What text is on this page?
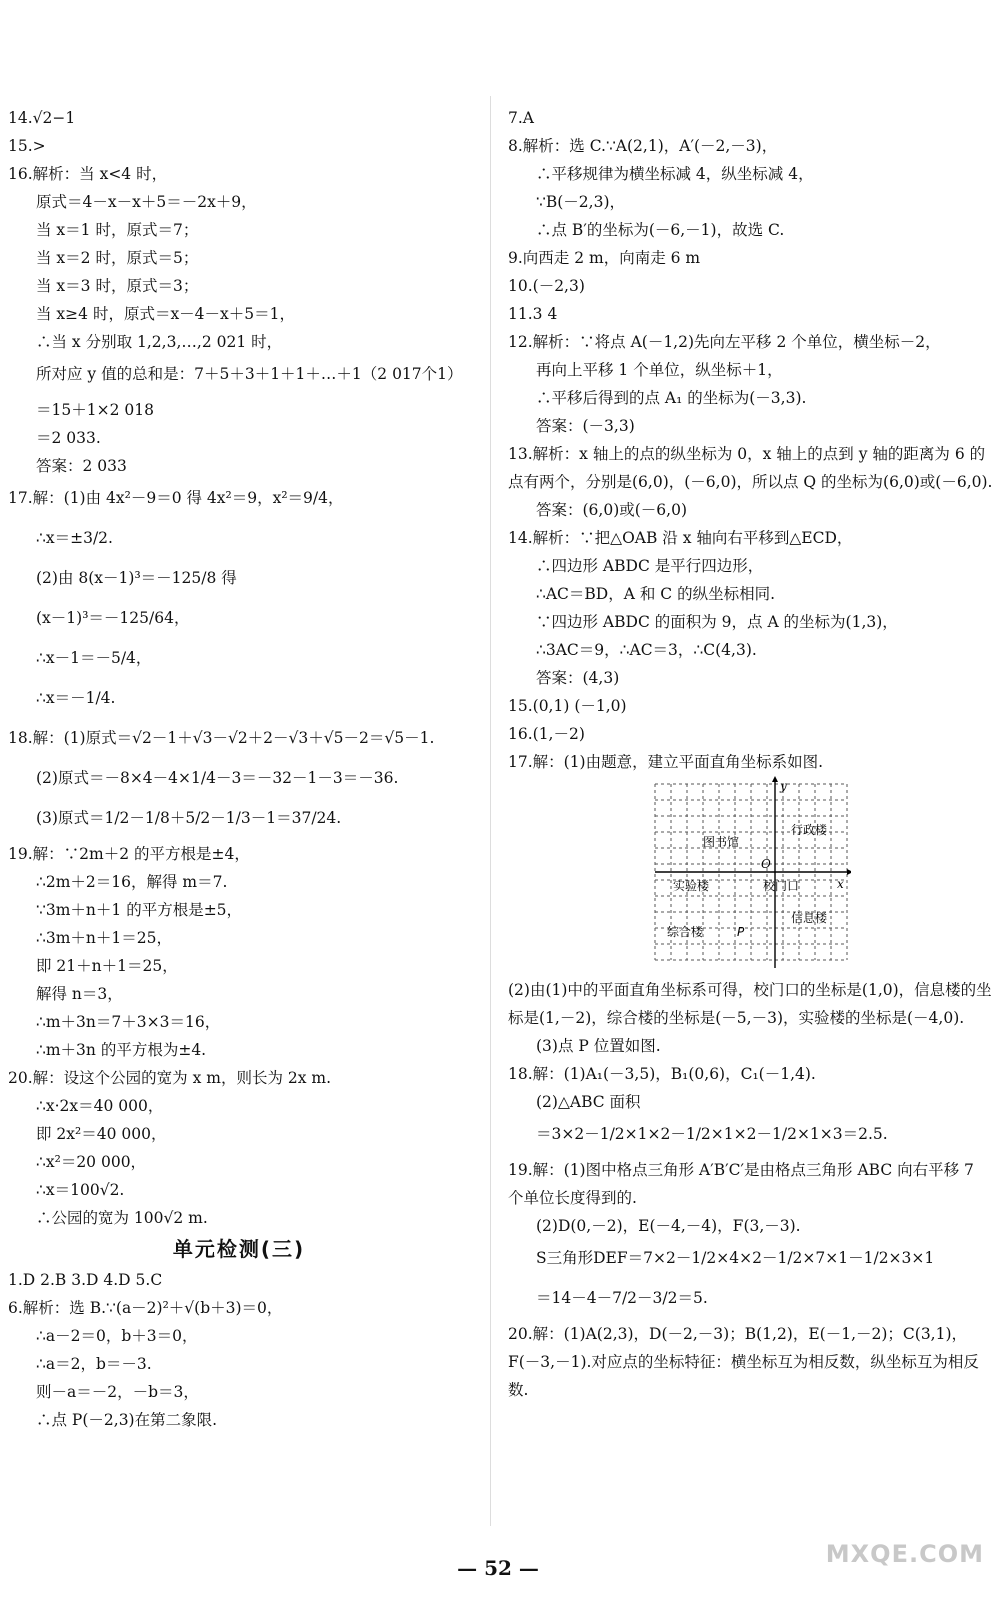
14.√2−1
15.>
16.解析：当 x<4 时，
原式＝4－x－x＋5＝－2x＋9，
当 x＝1 时，原式＝7；
当 x＝2 时，原式＝5；
当 x＝3 时，原式＝3；
当 x≥4 时，原式＝x－4－x＋5＝1，
∴当 x 分别取 1,2,3,…,2 021 时，
所对应 y 值的总和是：7＋5＋3＋1＋1＋…＋1（2 017个1）
＝15＋1×2 018
＝2 033.
答案：2 033
17.解：(1)由 4x²－9＝0 得 4x²＝9，x²＝9/4，
∴x＝±3/2.
(2)由 8(x－1)³＝－125/8 得
(x－1)³＝－125/64，
∴x－1＝－5/4，
∴x＝－1/4.
18.解：(1)原式＝√2－1＋√3－√2＋2－√3＋√5－2＝√5－1.
(2)原式＝－8×4－4×1/4－3＝－32－1－3＝－36.
(3)原式＝1/2－1/8＋5/2－1/3－1＝37/24.
19.解：∵2m＋2 的平方根是±4，
∴2m＋2＝16，解得 m＝7.
∵3m＋n＋1 的平方根是±5，
∴3m＋n＋1＝25，
即 21＋n＋1＝25，
解得 n＝3，
∴m＋3n＝7＋3×3＝16，
∴m＋3n 的平方根为±4.
20.解：设这个公园的宽为 x m，则长为 2x m.
∴x·2x＝40 000，
即 2x²＝40 000，
∴x²＝20 000，
∴x＝100√2.
∴公园的宽为 100√2 m.
单元检测(三)
1.D 2.B 3.D 4.D 5.C
6.解析：选 B.∵(a－2)²＋√(b＋3)＝0，
∴a－2＝0，b＋3＝0，
∴a＝2，b＝－3.
则－a＝－2，－b＝3，
∴点 P(－2,3)在第二象限.
7.A
8.解析：选 C.∵A(2,1)，A′(－2,－3)，
∴平移规律为横坐标减 4，纵坐标减 4，
∵B(－2,3)，
∴点 B′的坐标为(－6,－1)，故选 C.
9.向西走 2 m，向南走 6 m
10.(－2,3)
11.3 4
12.解析：∵将点 A(－1,2)先向左平移 2 个单位，横坐标－2，
再向上平移 1 个单位，纵坐标＋1，
∴平移后得到的点 A₁ 的坐标为(－3,3).
答案：(－3,3)
13.解析：x 轴上的点的纵坐标为 0，x 轴上的点到 y 轴的距离为 6 的点有两个，分别是(6,0)，(－6,0)，所以点 Q 的坐标为(6,0)或(－6,0).
答案：(6,0)或(－6,0)
14.解析：∵把△OAB 沿 x 轴向右平移到△ECD，
∴四边形 ABDC 是平行四边形，
∴AC＝BD，A 和 C 的纵坐标相同.
∵四边形 ABDC 的面积为 9，点 A 的坐标为(1,3)，
∴3AC＝9，∴AC＝3，∴C(4,3).
答案：(4,3)
15.(0,1) (－1,0)
16.(1,－2)
17.解：(1)由题意，建立平面直角坐标系如图.
x
y
O
图书馆
行政楼
实验楼	校门口
信息楼
综合楼	P
(2)由(1)中的平面直角坐标系可得，校门口的坐标是(1,0)，信息楼的坐标是(1,－2)，综合楼的坐标是(－5,－3)，实验楼的坐标是(－4,0).
(3)点 P 位置如图.
18.解：(1)A₁(－3,5)，B₁(0,6)，C₁(－1,4).
(2)△ABC 面积
＝3×2－1/2×1×2－1/2×1×2－1/2×1×3＝2.5.
19.解：(1)图中格点三角形 A′B′C′是由格点三角形 ABC 向右平移 7 个单位长度得到的.
(2)D(0,－2)，E(－4,－4)，F(3,－3).
S三角形DEF＝7×2－1/2×4×2－1/2×7×1－1/2×3×1
＝14－4－7/2－3/2＝5.
20.解：(1)A(2,3)，D(－2,－3)；B(1,2)，E(－1,－2)；C(3,1)，F(－3,－1).对应点的坐标特征：横坐标互为相反数，纵坐标互为相反数.
— 52 —	MXQE.COM
